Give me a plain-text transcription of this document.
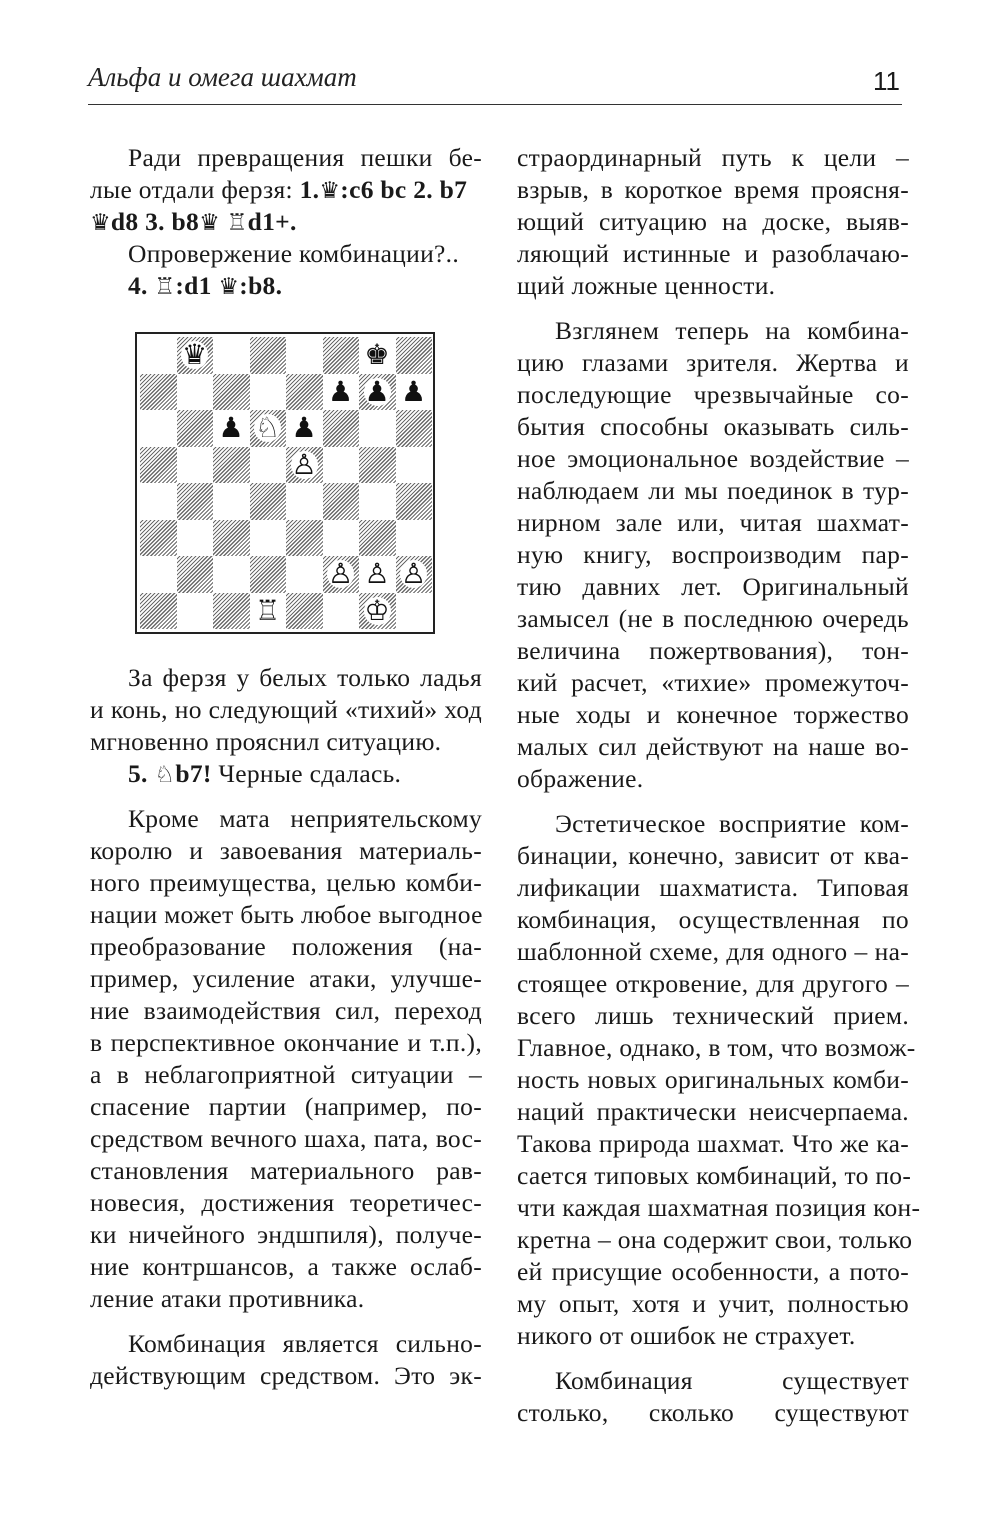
Альфа и омега шахмат	11
Ради превращения пешки бе-
лые отдали ферзя: 1.♛:c6 bc 2. b7
♛d8 3. b8♛ ♖d1+.
Опровержение комбинации?..
4. ♖:d1 ♛:b8.
♛	♚
♟ ♟ ♟
♟ ♘ ♟
♙
♙ ♙ ♙
♖	♔
За ферзя у белых только ладья
и конь, но следующий «тихий» ход
мгновенно прояснил ситуацию.
5. ♘b7! Черные сдалась.
Кроме мата неприятельскому
королю и завоевания материаль-
ного преимущества, целью комби-
нации может быть любое выгодное
преобразование положения (на-
пример, усиление атаки, улучше-
ние взаимодействия сил, переход
в перспективное окончание и т.п.),
а в неблагоприятной ситуации –
спасение партии (например, по-
средством вечного шаха, пата, вос-
становления материального рав-
новесия, достижения теоретичес-
ки ничейного эндшпиля), получе-
ние контршансов, а также ослаб-
ление атаки противника.
Комбинация является сильно-
действующим средством. Это эк-
страординарный путь к цели –
взрыв, в короткое время проясня-
ющий ситуацию на доске, выяв-
ляющий истинные и разоблачаю-
щий ложные ценности.
Взглянем теперь на комбина-
цию глазами зрителя. Жертва и
последующие чрезвычайные со-
бытия способны оказывать силь-
ное эмоциональное воздействие –
наблюдаем ли мы поединок в тур-
нирном зале или, читая шахмат-
ную книгу, воспроизводим пар-
тию давних лет. Оригинальный
замысел (не в последнюю очередь
величина пожертвования), тон-
кий расчет, «тихие» промежуточ-
ные ходы и конечное торжество
малых сил действуют на наше во-
ображение.
Эстетическое восприятие ком-
бинации, конечно, зависит от ква-
лификации шахматиста. Типовая
комбинация, осуществленная по
шаблонной схеме, для одного – на-
стоящее откровение, для другого –
всего лишь технический прием.
Главное, однако, в том, что возмож-
ность новых оригинальных комби-
наций практически неисчерпаема.
Такова природа шахмат. Что же ка-
сается типовых комбинаций, то по-
чти каждая шахматная позиция кон-
кретна – она содержит свои, только
ей присущие особенности, а пото-
му опыт, хотя и учит, полностью
никого от ошибок не страхует.
Комбинация существует
столько, сколько существуют
